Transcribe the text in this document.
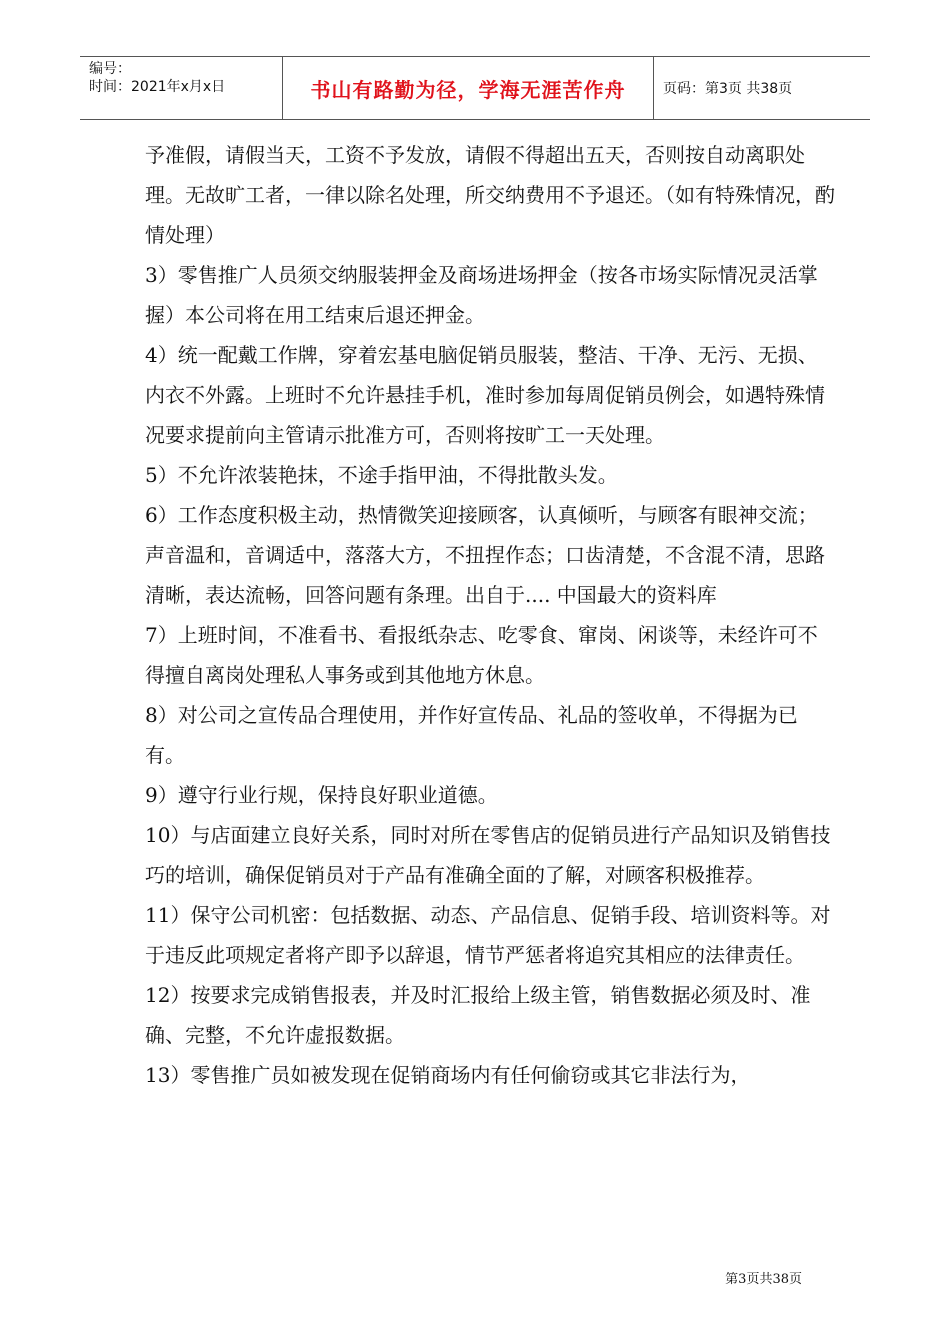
编号：
时间：2021年x月x日	书山有路勤为径，学海无涯苦作舟	页码：第3页 共38页

予准假，请假当天，工资不予发放，请假不得超出五天，否则按自动离职处理。无故旷工者，一律以除名处理，所交纳费用不予退还。（如有特殊情况，酌情处理）

3）零售推广人员须交纳服装押金及商场进场押金（按各市场实际情况灵活掌握）本公司将在用工结束后退还押金。

4）统一配戴工作牌，穿着宏基电脑促销员服装，整洁、干净、无污、无损、内衣不外露。上班时不允许悬挂手机，准时参加每周促销员例会，如遇特殊情况要求提前向主管请示批准方可，否则将按旷工一天处理。

5）不允许浓装艳抹，不途手指甲油，不得批散头发。

6）工作态度积极主动，热情微笑迎接顾客，认真倾听，与顾客有眼神交流；声音温和，音调适中，落落大方，不扭捏作态；口齿清楚，不含混不清，思路清晰，表达流畅，回答问题有条理。出自于.... 中国最大的资料库

7）上班时间，不准看书、看报纸杂志、吃零食、窜岗、闲谈等，未经许可不得擅自离岗处理私人事务或到其他地方休息。

8）对公司之宣传品合理使用，并作好宣传品、礼品的签收单，不得据为已有。

9）遵守行业行规，保持良好职业道德。

10）与店面建立良好关系，同时对所在零售店的促销员进行产品知识及销售技巧的培训，确保促销员对于产品有准确全面的了解，对顾客积极推荐。

11）保守公司机密：包括数据、动态、产品信息、促销手段、培训资料等。对于违反此项规定者将产即予以辞退，情节严惩者将追究其相应的法律责任。

12）按要求完成销售报表，并及时汇报给上级主管，销售数据必须及时、准确、完整，不允许虚报数据。

13）零售推广员如被发现在促销商场内有任何偷窃或其它非法行为，

第3页共38页
